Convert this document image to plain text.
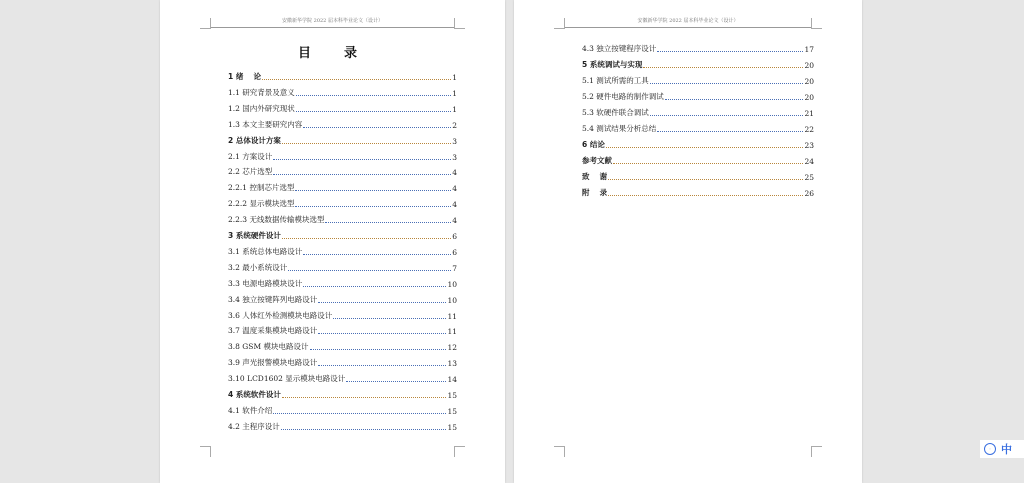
安徽新华学院 2022 届本科毕业论文（设计）
目　录
1 绪　 论	1
1.1 研究背景及意义	1
1.2 国内外研究现状	1
1.3 本文主要研究内容	2
2 总体设计方案	3
2.1 方案设计	3
2.2 芯片选型	4
2.2.1 控制芯片选型	4
2.2.2 显示模块选型	4
2.2.3 无线数据传输模块选型	4
3 系统硬件设计	6
3.1 系统总体电路设计	6
3.2 最小系统设计	7
3.3 电源电路模块设计	10
3.4 独立按键阵列电路设计	10
3.6 人体红外检测模块电路设计	11
3.7 温度采集模块电路设计	11
3.8 GSM 模块电路设计	12
3.9 声光报警模块电路设计	13
3.10 LCD1602 显示模块电路设计	14
4 系统软件设计	15
4.1 软件介绍	15
4.2 主程序设计	15
安徽新华学院 2022 届本科毕业论文（设计）
4.3 独立按键程序设计	17
5 系统调试与实现	20
5.1 测试所需的工具	20
5.2 硬件电路的制作调试	20
5.3 软硬件联合调试	21
5.4 测试结果分析总结	22
6 结论	23
参考文献	24
致　 谢	25
附　 录	26
◦ 中
